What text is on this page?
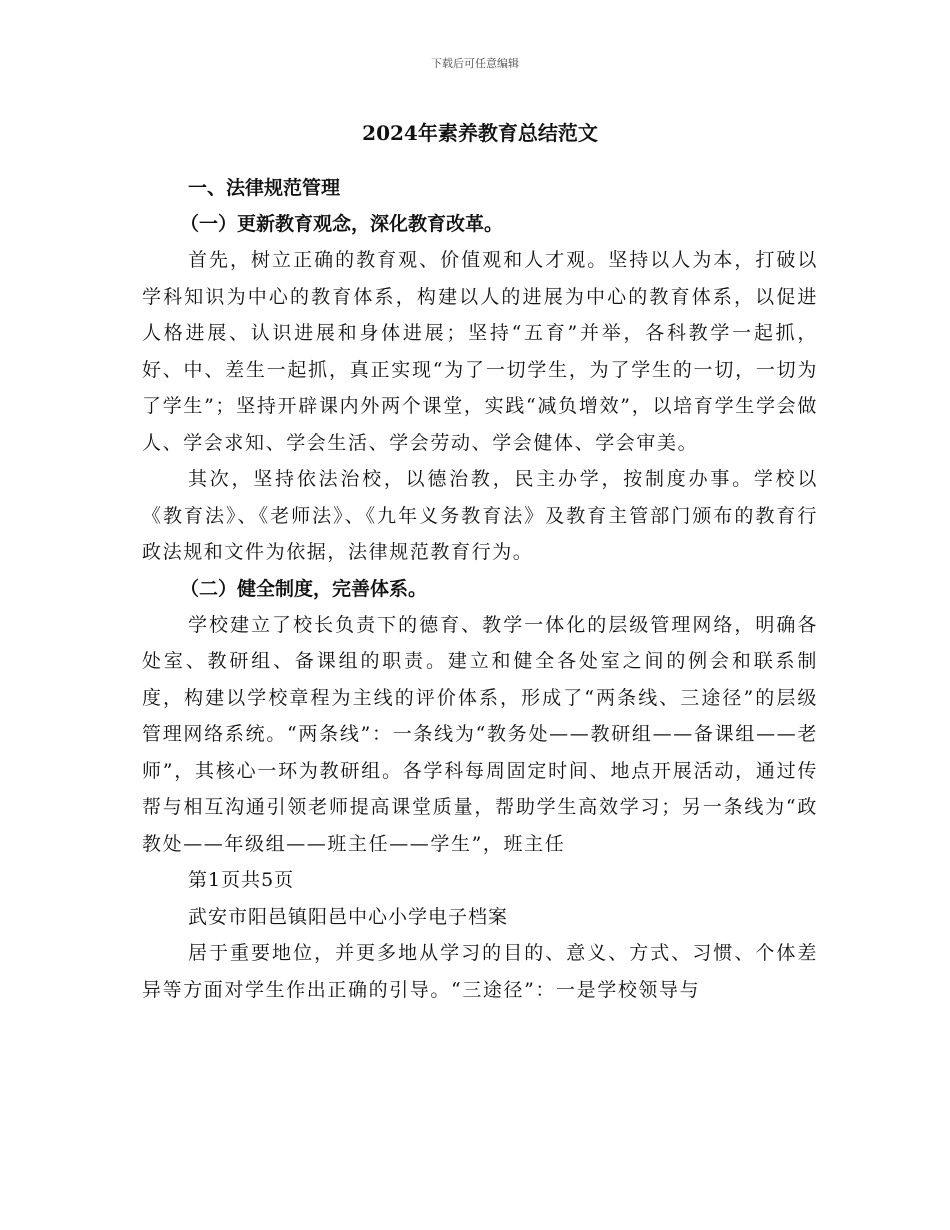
下载后可任意编辑
2024年素养教育总结范文
一、法律规范管理
（一）更新教育观念，深化教育改革。

首先，树立正确的教育观、价值观和人才观。坚持以人为本，打破以学科知识为中心的教育体系，构建以人的进展为中心的教育体系，以促进人格进展、认识进展和身体进展；坚持“五育”并举，各科教学一起抓，好、中、差生一起抓，真正实现“为了一切学生，为了学生的一切，一切为了学生”；坚持开辟课内外两个课堂，实践“减负增效”，以培育学生学会做人、学会求知、学会生活、学会劳动、学会健体、学会审美。

其次，坚持依法治校，以德治教，民主办学，按制度办事。学校以《教育法》、《老师法》、《九年义务教育法》及教育主管部门颁布的教育行政法规和文件为依据，法律规范教育行为。

（二）健全制度，完善体系。

学校建立了校长负责下的德育、教学一体化的层级管理网络，明确各处室、教研组、备课组的职责。建立和健全各处室之间的例会和联系制度，构建以学校章程为主线的评价体系，形成了“两条线、三途径”的层级管理网络系统。“两条线”：一条线为“教务处——教研组——备课组——老师”，其核心一环为教研组。各学科每周固定时间、地点开展活动，通过传帮与相互沟通引领老师提高课堂质量，帮助学生高效学习；另一条线为“政教处——年级组——班主任——学生”，班主任

第1页共5页
武安市阳邑镇阳邑中心小学电子档案

居于重要地位，并更多地从学习的目的、意义、方式、习惯、个体差异等方面对学生作出正确的引导。“三途径”：一是学校领导与
